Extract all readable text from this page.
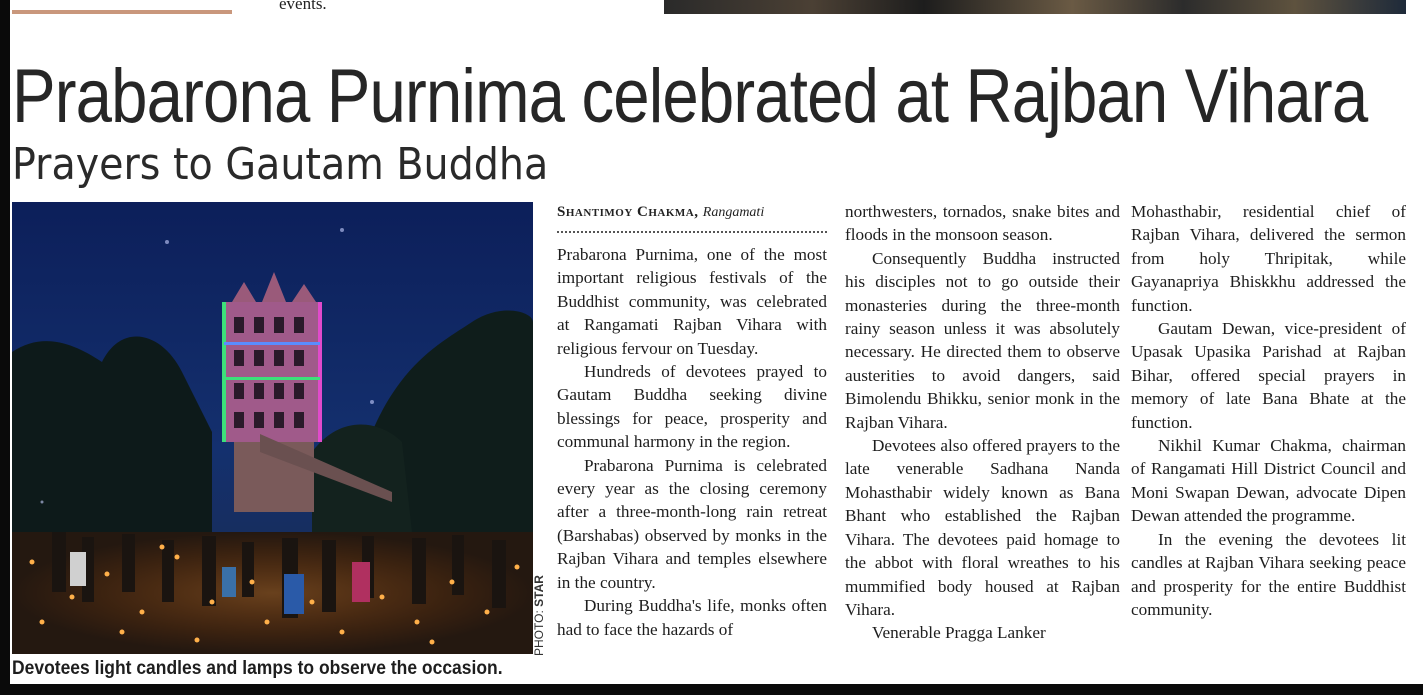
events.
Prabarona Purnima celebrated at Rajban Vihara
Prayers to Gautam Buddha
PHOTO: STAR

Devotees light candles and lamps to observe the occasion.

Shantimoy Chakma, Rangamati

Prabarona Purnima, one of the most important religious festivals of the Buddhist community, was celebrated at Rangamati Rajban Vihara with religious fervour on Tuesday.

Hundreds of devotees prayed to Gautam Buddha seeking divine blessings for peace, prosperity and communal harmony in the region.

Prabarona Purnima is celebrated every year as the closing ceremony after a three-month-long rain retreat (Barshabas) observed by monks in the Rajban Vihara and temples elsewhere in the country.

During Buddha's life, monks often had to face the hazards of

northwesters, tornados, snake bites and floods in the monsoon season.

Consequently Buddha instructed his disciples not to go outside their monasteries during the three-month rainy season unless it was absolutely necessary. He directed them to observe austerities to avoid dangers, said Bimolendu Bhikku, senior monk in the Rajban Vihara.

Devotees also offered prayers to the late venerable Sadhana Nanda Mohasthabir widely known as Bana Bhant who established the Rajban Vihara. The devotees paid homage to the abbot with floral wreathes to his mummified body housed at Rajban Vihara.

Venerable Pragga Lanker

Mohasthabir, residential chief of Rajban Vihara, delivered the sermon from holy Thripitak, while Gayanapriya Bhiskkhu addressed the function.

Gautam Dewan, vice-president of Upasak Upasika Parishad at Rajban Bihar, offered special prayers in memory of late Bana Bhate at the function.

Nikhil Kumar Chakma, chairman of Rangamati Hill District Council and Moni Swapan Dewan, advocate Dipen Dewan attended the programme.

In the evening the devotees lit candles at Rajban Vihara seeking peace and prosperity for the entire Buddhist community.
